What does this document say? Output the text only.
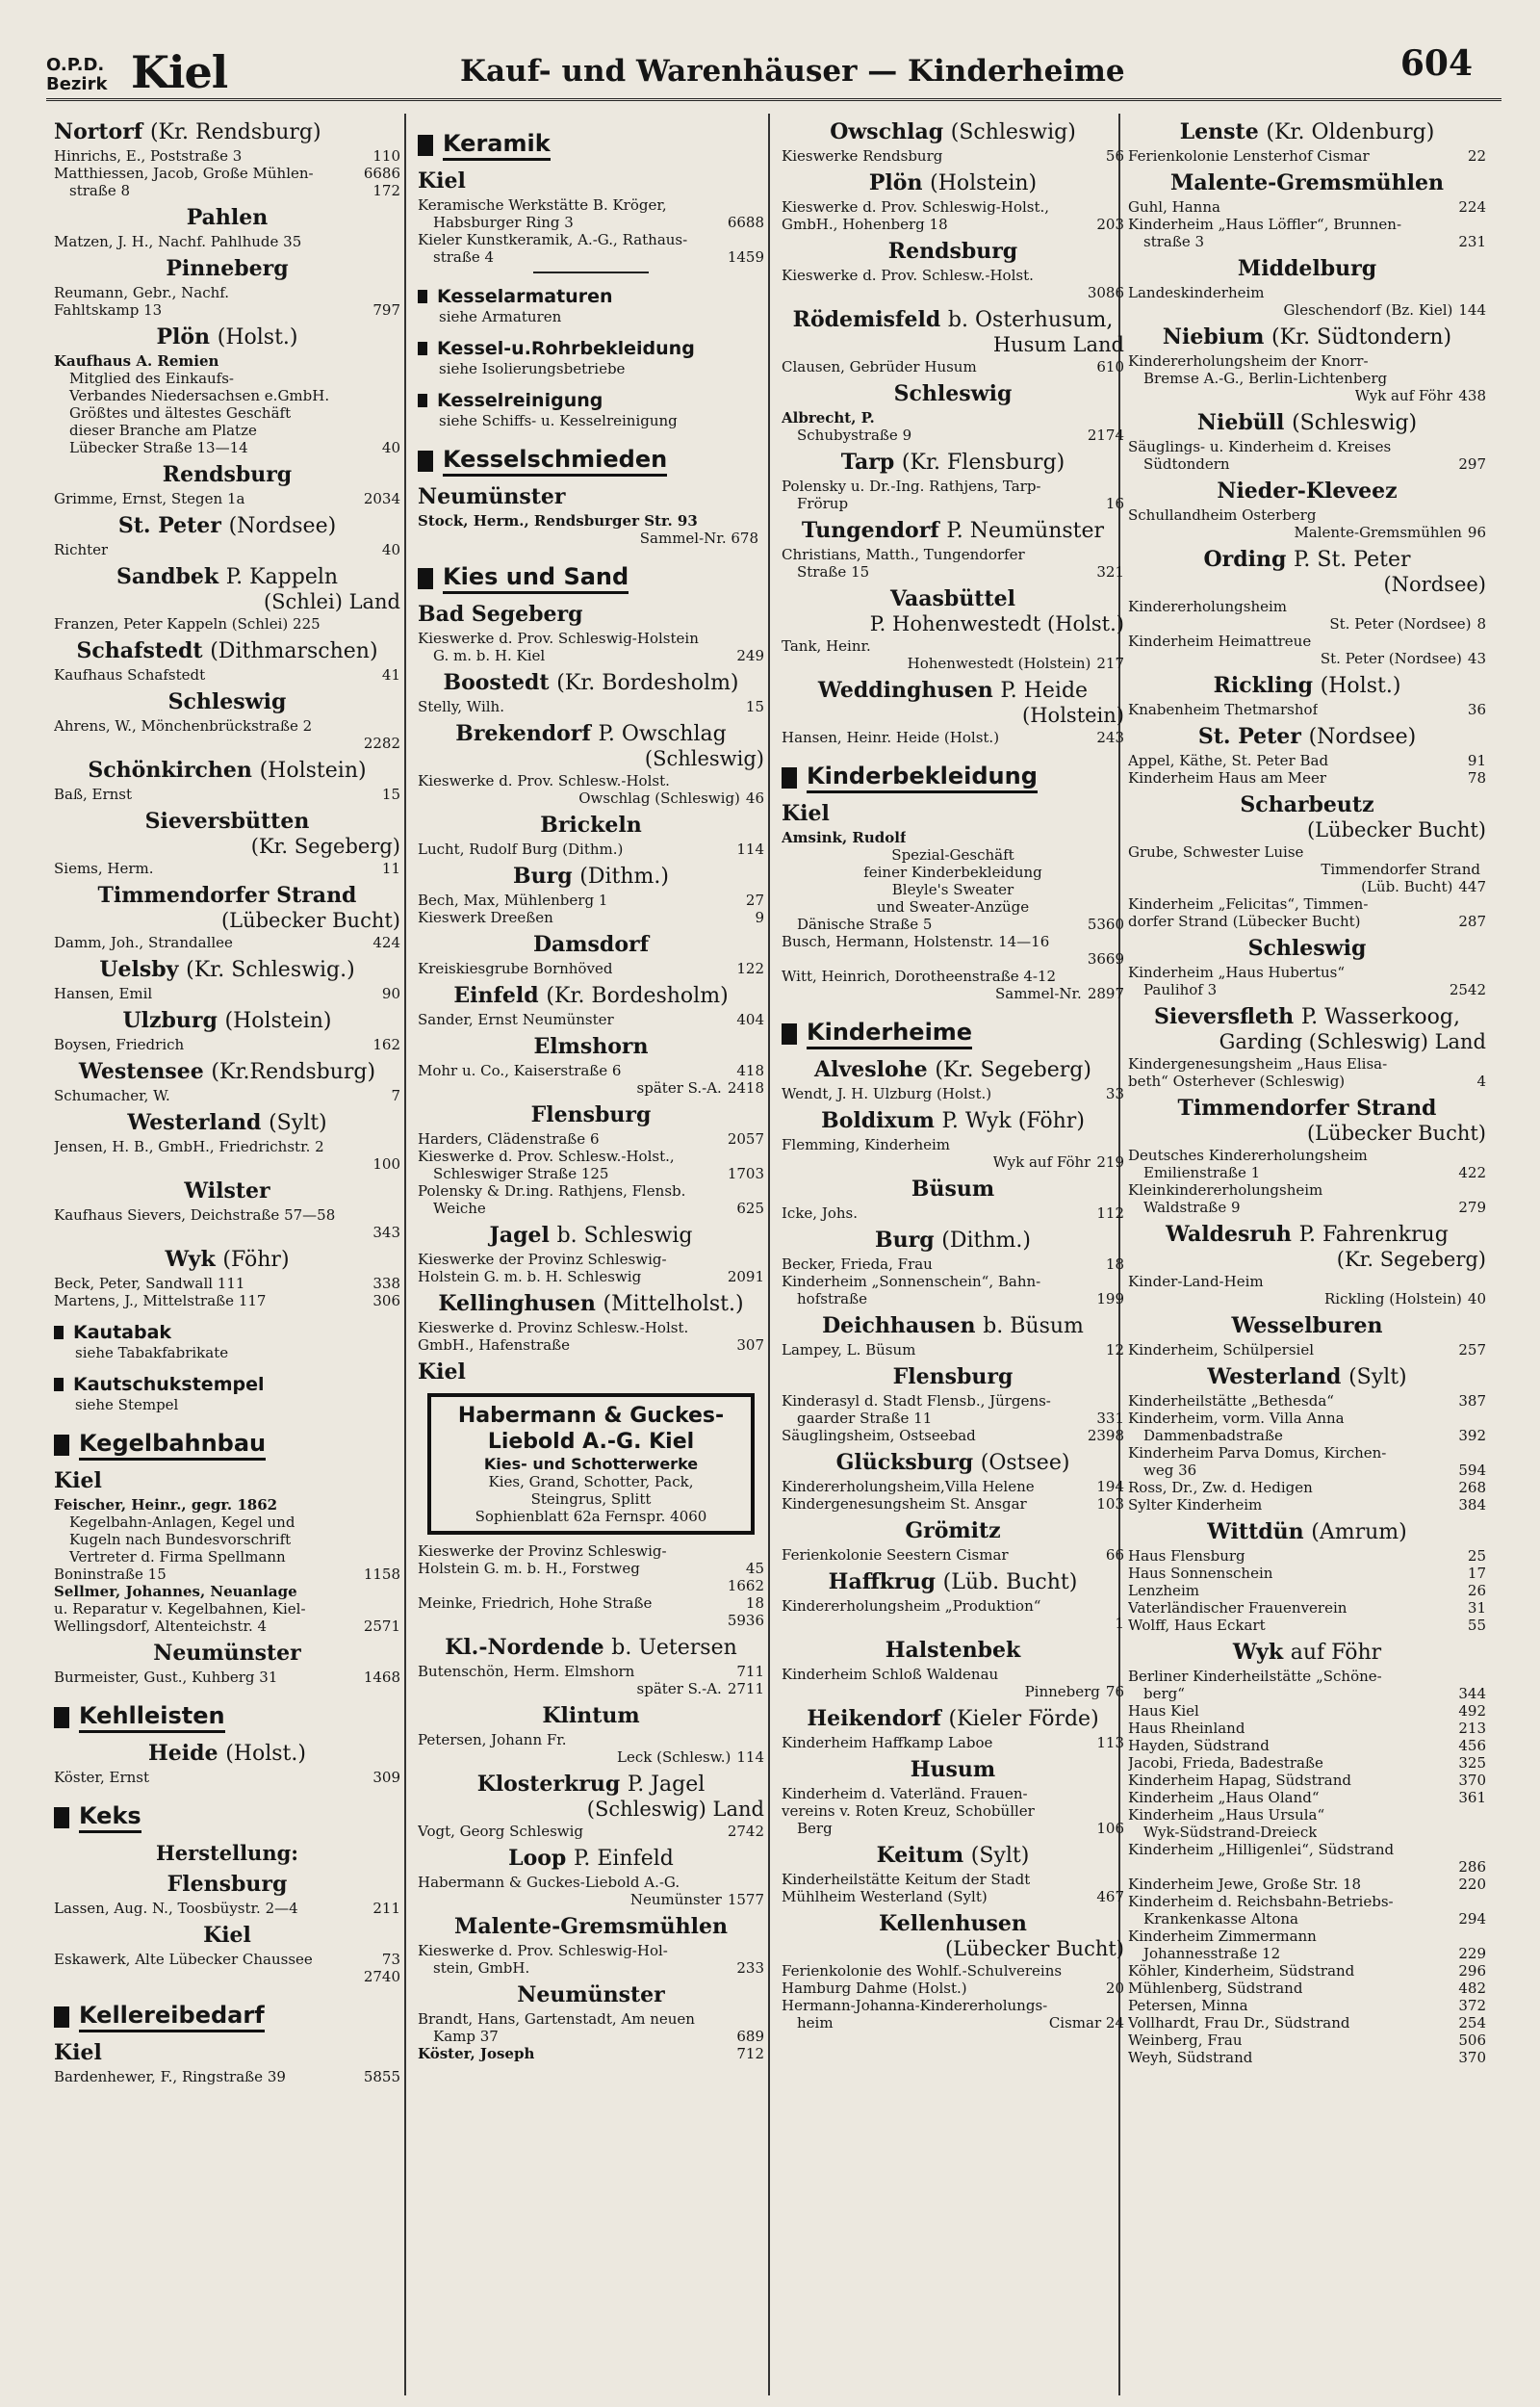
O.P.D.
Bezirk Kiel	Kauf- und Warenhäuser — Kinderheime	604
Nortorf (Kr. Rendsburg)
Hinrichs, E., Poststraße 3	110
Matthiessen, Jacob, Große Mühlen-	6686
straße 8	172
Pahlen
Matzen, J. H., Nachf. Pahlhude 35
Pinneberg
Reumann, Gebr., Nachf.
Fahltskamp 13	797
Plön (Holst.)
Kaufhaus A. Remien
Mitglied des Einkaufs-
Verbandes Niedersachsen e.GmbH.
Größtes und ältestes Geschäft
dieser Branche am Platze
Lübecker Straße 13—14	40
Rendsburg
Grimme, Ernst, Stegen 1a	2034
St. Peter (Nordsee)
Richter	40
Sandbek P. Kappeln
(Schlei) Land
Franzen, Peter Kappeln (Schlei) 225
Schafstedt (Dithmarschen)
Kaufhaus Schafstedt	41
Schleswig
Ahrens, W., Mönchenbrückstraße 2
2282
Schönkirchen (Holstein)
Baß, Ernst	15
Sieversbütten
(Kr. Segeberg)
Siems, Herm.	11
Timmendorfer Strand
(Lübecker Bucht)
Damm, Joh., Strandallee	424
Uelsby (Kr. Schleswig.)
Hansen, Emil	90
Ulzburg (Holstein)
Boysen, Friedrich	162
Westensee (Kr.Rendsburg)
Schumacher, W.	7
Westerland (Sylt)
Jensen, H. B., GmbH., Friedrichstr. 2
100
Wilster
Kaufhaus Sievers, Deichstraße 57—58
343
Wyk (Föhr)
Beck, Peter, Sandwall 111	338
Martens, J., Mittelstraße 117	306
Kautabak
siehe Tabakfabrikate
Kautschukstempel
siehe Stempel
Kegelbahnbau
Kiel
Feischer, Heinr., gegr. 1862
Kegelbahn-Anlagen, Kegel und
Kugeln nach Bundesvorschrift
Vertreter d. Firma Spellmann
Boninstraße 15	1158
Sellmer, Johannes, Neuanlage
u. Reparatur v. Kegelbahnen, Kiel-
Wellingsdorf, Altenteichstr. 4	2571
Neumünster
Burmeister, Gust., Kuhberg 31	1468
Kehlleisten
Heide (Holst.)
Köster, Ernst	309
Keks
Herstellung:
Flensburg
Lassen, Aug. N., Toosbüystr. 2—4	211
Kiel
Eskawerk, Alte Lübecker Chaussee	73
2740
Kellereibedarf
Kiel
Bardenhewer, F., Ringstraße 39	5855
Keramik
Kiel
Keramische Werkstätte B. Kröger,
Habsburger Ring 3	6688
Kieler Kunstkeramik, A.-G., Rathaus-
straße 4	1459
Kesselarmaturen
siehe Armaturen
Kessel-u.Rohrbekleidung
siehe Isolierungsbetriebe
Kesselreinigung
siehe Schiffs- u. Kesselreinigung
Kesselschmieden
Neumünster
Stock, Herm., Rendsburger Str. 93
Sammel-Nr. 678
Kies und Sand
Bad Segeberg
Kieswerke d. Prov. Schleswig-Holstein
G. m. b. H. Kiel	249
Boostedt (Kr. Bordesholm)
Stelly, Wilh.	15
Brekendorf P. Owschlag
(Schleswig)
Kieswerke d. Prov. Schlesw.-Holst.
Owschlag (Schleswig) 46
Brickeln
Lucht, Rudolf Burg (Dithm.)	114
Burg (Dithm.)
Bech, Max, Mühlenberg 1	27
Kieswerk Dreeßen	9
Damsdorf
Kreiskiesgrube Bornhöved	122
Einfeld (Kr. Bordesholm)
Sander, Ernst Neumünster	404
Elmshorn
Mohr u. Co., Kaiserstraße 6	418
später S.-A. 2418
Flensburg
Harders, Clädenstraße 6	2057
Kieswerke d. Prov. Schlesw.-Holst.,
Schleswiger Straße 125	1703
Polensky & Dr.ing. Rathjens, Flensb.
Weiche	625
Jagel b. Schleswig
Kieswerke der Provinz Schleswig-
Holstein G. m. b. H. Schleswig	2091
Kellinghusen (Mittelholst.)
Kieswerke d. Provinz Schlesw.-Holst.
GmbH., Hafenstraße	307
Kiel
Habermann & Guckes-
Liebold A.-G. Kiel
Kies- und Schotterwerke
Kies, Grand, Schotter, Pack,
Steingrus, Splitt
Sophienblatt 62a Fernspr. 4060
Kieswerke der Provinz Schleswig-
Holstein G. m. b. H., Forstweg	45
1662
Meinke, Friedrich, Hohe Straße	18
5936
Kl.-Nordende b. Uetersen
Butenschön, Herm. Elmshorn	711
später S.-A. 2711
Klintum
Petersen, Johann Fr.
Leck (Schlesw.) 114
Klosterkrug P. Jagel
(Schleswig) Land
Vogt, Georg Schleswig	2742
Loop P. Einfeld
Habermann & Guckes-Liebold A.-G.
Neumünster 1577
Malente-Gremsmühlen
Kieswerke d. Prov. Schleswig-Hol-
stein, GmbH.	233
Neumünster
Brandt, Hans, Gartenstadt, Am neuen
Kamp 37	689
Köster, Joseph	712
Owschlag (Schleswig)
Kieswerke Rendsburg	56
Plön (Holstein)
Kieswerke d. Prov. Schleswig-Holst.,
GmbH., Hohenberg 18	203
Rendsburg
Kieswerke d. Prov. Schlesw.-Holst.
3086
Rödemisfeld b. Osterhusum,
Husum Land
Clausen, Gebrüder Husum	610
Schleswig
Albrecht, P.
Schubystraße 9	2174
Tarp (Kr. Flensburg)
Polensky u. Dr.-Ing. Rathjens, Tarp-
Frörup	16
Tungendorf P. Neumünster
Christians, Matth., Tungendorfer
Straße 15	321
Vaasbüttel
P. Hohenwestedt (Holst.)
Tank, Heinr.
Hohenwestedt (Holstein) 217
Weddinghusen P. Heide
(Holstein)
Hansen, Heinr. Heide (Holst.)	243
Kinderbekleidung
Kiel
Amsink, Rudolf
Spezial-Geschäft
feiner Kinderbekleidung
Bleyle's Sweater
und Sweater-Anzüge
Dänische Straße 5	5360
Busch, Hermann, Holstenstr. 14—16
3669
Witt, Heinrich, Dorotheenstraße 4-12
Sammel-Nr. 2897
Kinderheime
Alveslohe (Kr. Segeberg)
Wendt, J. H. Ulzburg (Holst.)	33
Boldixum P. Wyk (Föhr)
Flemming, Kinderheim
Wyk auf Föhr 219
Büsum
Icke, Johs.	112
Burg (Dithm.)
Becker, Frieda, Frau	18
Kinderheim „Sonnenschein“, Bahn-
hofstraße	199
Deichhausen b. Büsum
Lampey, L. Büsum	12
Flensburg
Kinderasyl d. Stadt Flensb., Jürgens-
gaarder Straße 11	331
Säuglingsheim, Ostseebad	2398
Glücksburg (Ostsee)
Kindererholungsheim,Villa Helene	194
Kindergenesungsheim St. Ansgar	103
Grömitz
Ferienkolonie Seestern Cismar	66
Haffkrug (Lüb. Bucht)
Kindererholungsheim „Produktion“
1
Halstenbek
Kinderheim Schloß Waldenau
Pinneberg 76
Heikendorf (Kieler Förde)
Kinderheim Haffkamp Laboe	113
Husum
Kinderheim d. Vaterländ. Frauen-
vereins v. Roten Kreuz, Schobüller
Berg	106
Keitum (Sylt)
Kinderheilstätte Keitum der Stadt
Mühlheim Westerland (Sylt)	467
Kellenhusen
(Lübecker Bucht)
Ferienkolonie des Wohlf.-Schulvereins
Hamburg Dahme (Holst.)	20
Hermann-Johanna-Kindererholungs-
heim	Cismar 24
Lenste (Kr. Oldenburg)
Ferienkolonie Lensterhof Cismar	22
Malente-Gremsmühlen
Guhl, Hanna	224
Kinderheim „Haus Löffler“, Brunnen-
straße 3	231
Middelburg
Landeskinderheim
Gleschendorf (Bz. Kiel) 144
Niebium (Kr. Südtondern)
Kindererholungsheim der Knorr-
Bremse A.-G., Berlin-Lichtenberg
Wyk auf Föhr 438
Niebüll (Schleswig)
Säuglings- u. Kinderheim d. Kreises
Südtondern	297
Nieder-Kleveez
Schullandheim Osterberg
Malente-Gremsmühlen 96
Ording P. St. Peter
(Nordsee)
Kindererholungsheim
St. Peter (Nordsee) 8
Kinderheim Heimattreue
St. Peter (Nordsee) 43
Rickling (Holst.)
Knabenheim Thetmarshof	36
St. Peter (Nordsee)
Appel, Käthe, St. Peter Bad	91
Kinderheim Haus am Meer	78
Scharbeutz
(Lübecker Bucht)
Grube, Schwester Luise
Timmendorfer Strand
(Lüb. Bucht) 447
Kinderheim „Felicitas“, Timmen-
dorfer Strand (Lübecker Bucht)	287
Schleswig
Kinderheim „Haus Hubertus“
Paulihof 3	2542
Sieversfleth P. Wasserkoog,
Garding (Schleswig) Land
Kindergenesungsheim „Haus Elisa-
beth“ Osterhever (Schleswig)	4
Timmendorfer Strand
(Lübecker Bucht)
Deutsches Kindererholungsheim
Emilienstraße 1	422
Kleinkindererholungsheim
Waldstraße 9	279
Waldesruh P. Fahrenkrug
(Kr. Segeberg)
Kinder-Land-Heim
Rickling (Holstein) 40
Wesselburen
Kinderheim, Schülpersiel	257
Westerland (Sylt)
Kinderheilstätte „Bethesda“	387
Kinderheim, vorm. Villa Anna
Dammenbadstraße	392
Kinderheim Parva Domus, Kirchen-
weg 36	594
Ross, Dr., Zw. d. Hedigen	268
Sylter Kinderheim	384
Wittdün (Amrum)
Haus Flensburg	25
Haus Sonnenschein	17
Lenzheim	26
Vaterländischer Frauenverein	31
Wolff, Haus Eckart	55
Wyk auf Föhr
Berliner Kinderheilstätte „Schöne-
berg“	344
Haus Kiel	492
Haus Rheinland	213
Hayden, Südstrand	456
Jacobi, Frieda, Badestraße	325
Kinderheim Hapag, Südstrand	370
Kinderheim „Haus Oland“	361
Kinderheim „Haus Ursula“
Wyk-Südstrand-Dreieck
Kinderheim „Hilligenlei“, Südstrand
286
Kinderheim Jewe, Große Str. 18	220
Kinderheim d. Reichsbahn-Betriebs-
Krankenkasse Altona	294
Kinderheim Zimmermann
Johannesstraße 12	229
Köhler, Kinderheim, Südstrand	296
Mühlenberg, Südstrand	482
Petersen, Minna	372
Vollhardt, Frau Dr., Südstrand	254
Weinberg, Frau	506
Weyh, Südstrand	370
